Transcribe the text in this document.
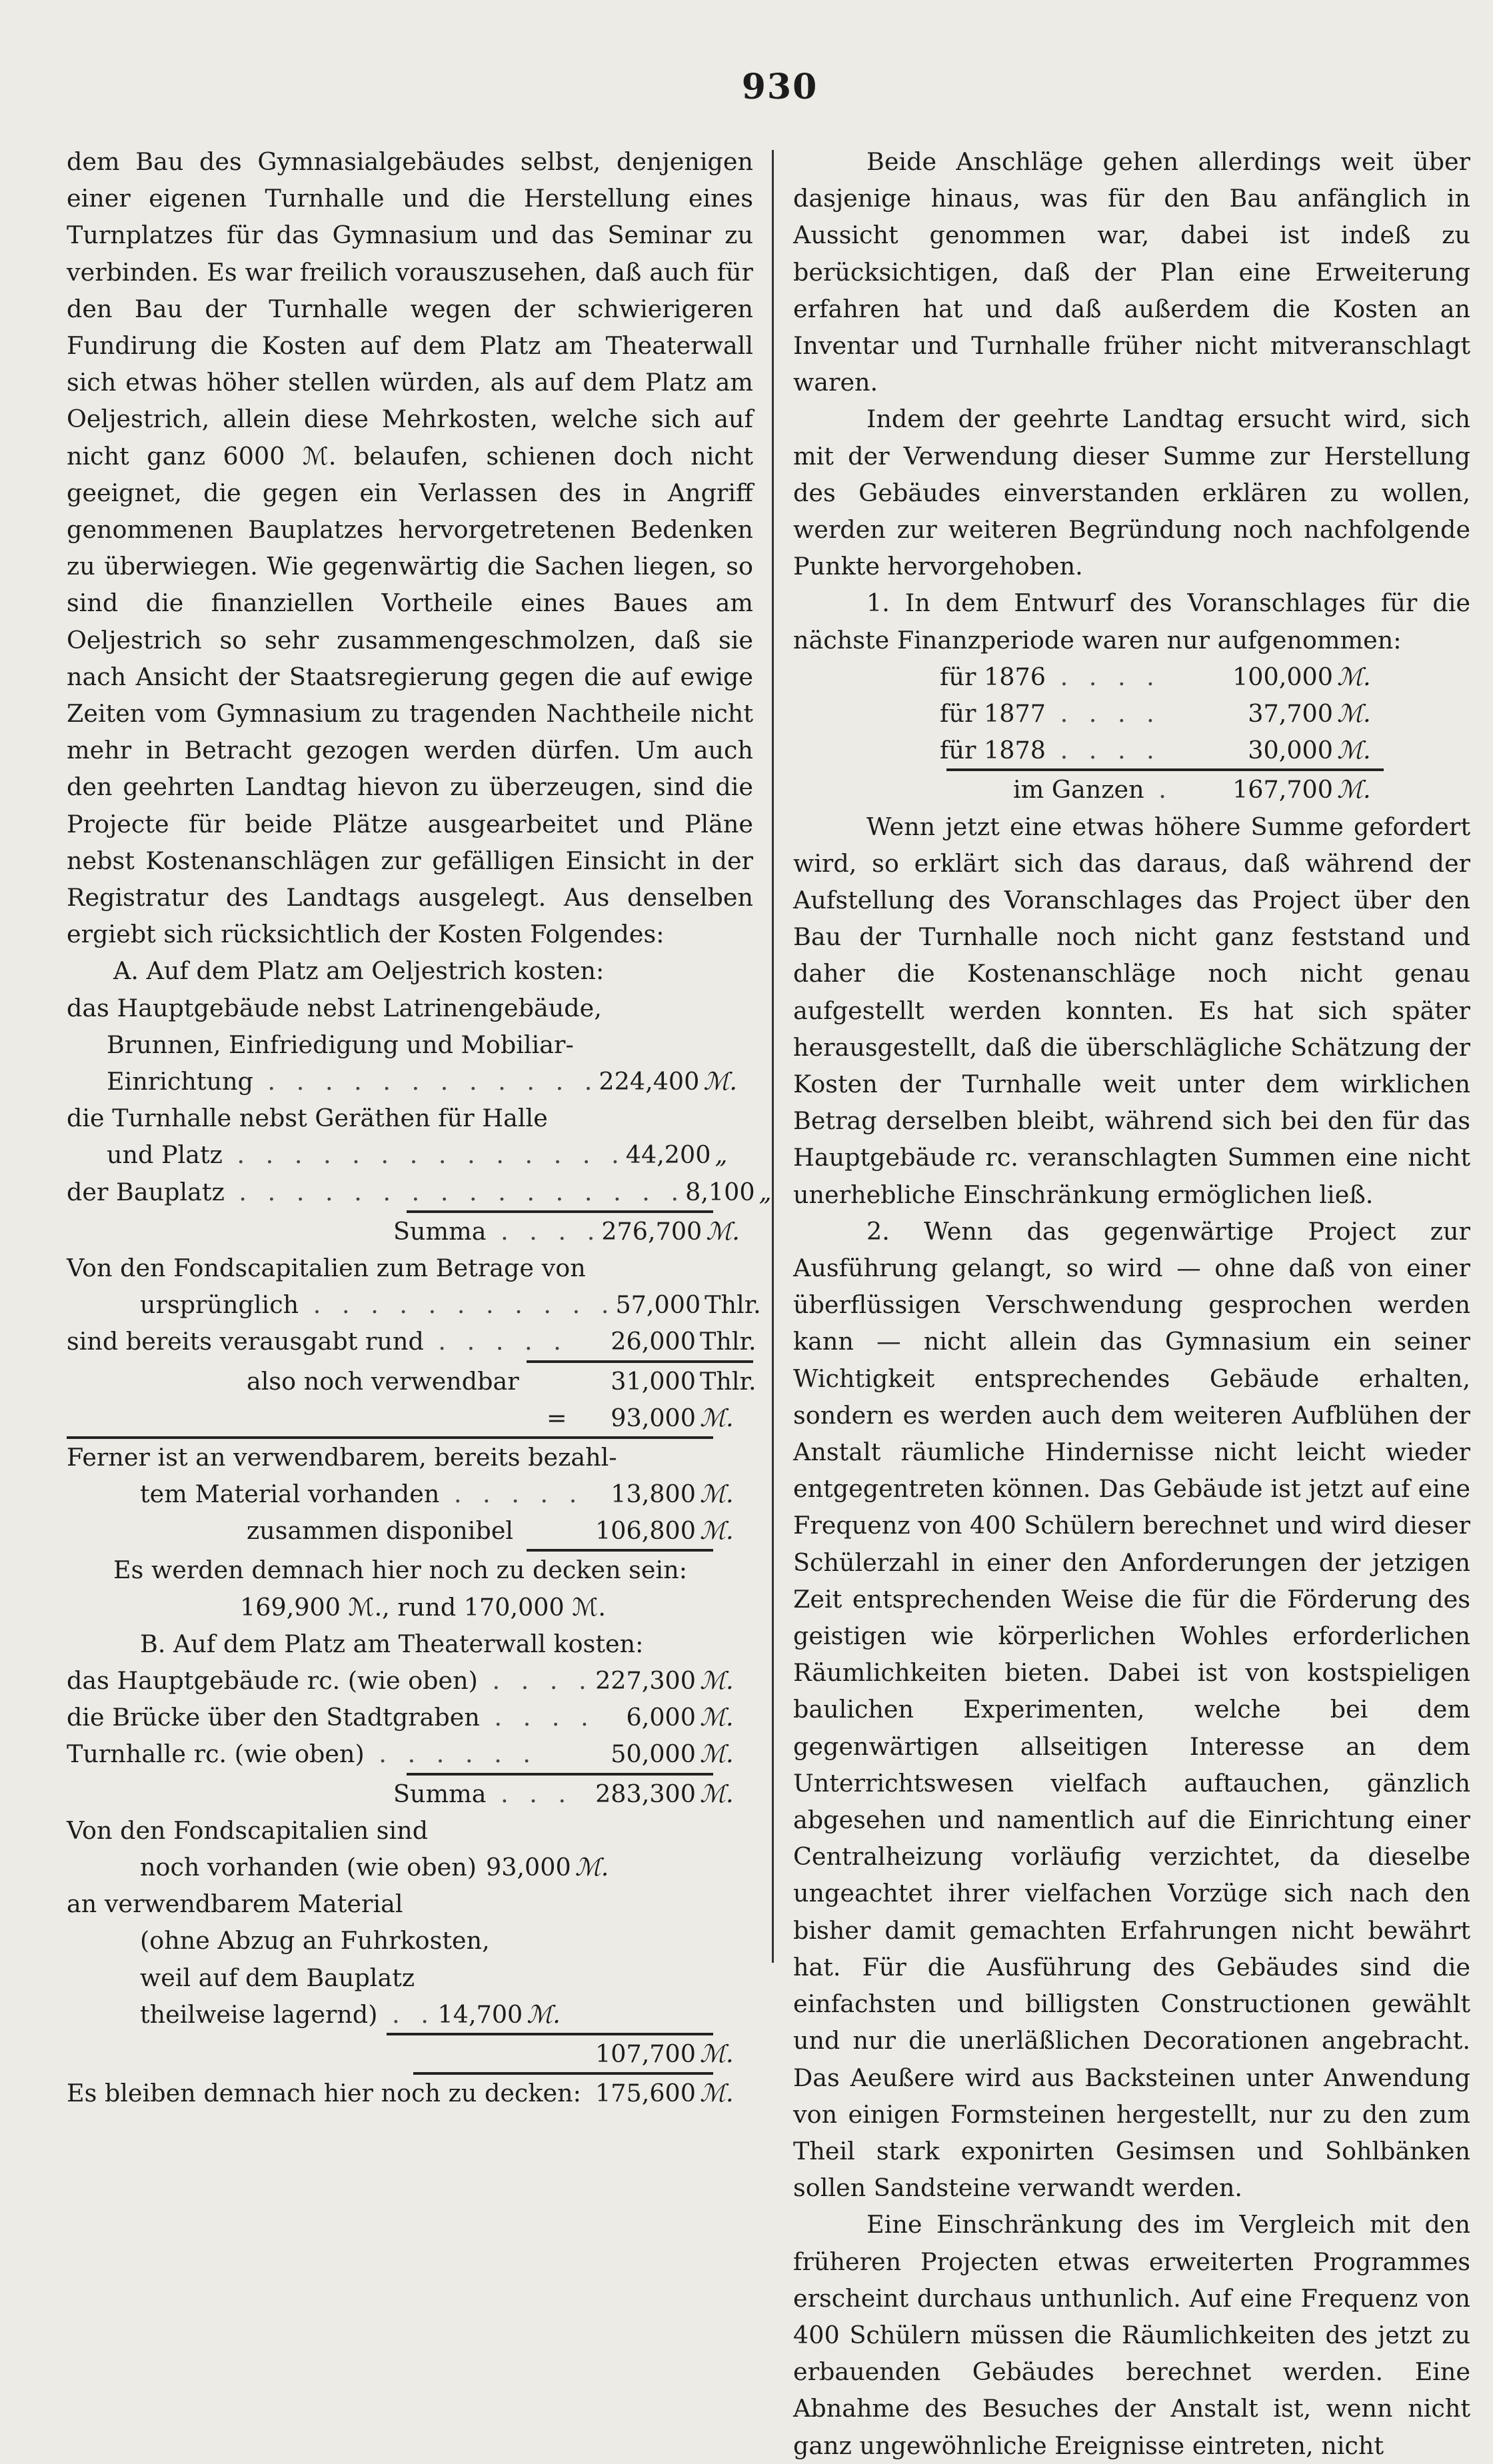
930

dem Bau des Gymnasialgebäudes selbst, denjenigen einer eigenen Turnhalle und die Herstellung eines Turnplatzes für das Gymnasium und das Seminar zu verbinden. Es war freilich vorauszusehen, daß auch für den Bau der Turnhalle wegen der schwierigeren Fundirung die Kosten auf dem Platz am Theaterwall sich etwas höher stellen würden, als auf dem Platz am Oeljestrich, allein diese Mehrkosten, welche sich auf nicht ganz 6000 ℳ. belaufen, schienen doch nicht geeignet, die gegen ein Verlassen des in Angriff genommenen Bauplatzes hervorgetretenen Bedenken zu überwiegen. Wie gegenwärtig die Sachen liegen, so sind die finanziellen Vortheile eines Baues am Oeljestrich so sehr zusammengeschmolzen, daß sie nach Ansicht der Staatsregierung gegen die auf ewige Zeiten vom Gymnasium zu tragenden Nachtheile nicht mehr in Betracht gezogen werden dürfen. Um auch den geehrten Landtag hievon zu überzeugen, sind die Projecte für beide Plätze ausgearbeitet und Pläne nebst Kostenanschlägen zur gefälligen Einsicht in der Registratur des Landtags ausgelegt. Aus denselben ergiebt sich rücksichtlich der Kosten Folgendes:

A. Auf dem Platz am Oeljestrich kosten:
das Hauptgebäude nebst Latrinengebäude,
Brunnen, Einfriedigung und Mobiliar-
Einrichtung . . . . . . . . . . . . 224,400 ℳ.
die Turnhalle nebst Geräthen für Halle
und Platz . . . . . . . . . . . . . . 44,200 „
der Bauplatz . . . . . . . . . . . . . . . . 8,100 „
Summa . . . . 276,700 ℳ.
Von den Fondscapitalien zum Betrage von
ursprünglich . . . . . . . . . . . 57,000 Thlr.
sind bereits verausgabt rund . . . . .	26,000 Thlr.
also noch verwendbar	31,000 Thlr.
=	93,000 ℳ.
Ferner ist an verwendbarem, bereits bezahl-
tem Material vorhanden . . . . .	13,800 ℳ.
zusammen disponibel	106,800 ℳ.
Es werden demnach hier noch zu decken sein:
169,900 ℳ., rund 170,000 ℳ.
B. Auf dem Platz am Theaterwall kosten:
das Hauptgebäude rc. (wie oben) . . . . 227,300 ℳ.
die Brücke über den Stadtgraben . . . .	6,000 ℳ.
Turnhalle rc. (wie oben) . . . . . .	50,000 ℳ.
Summa . . . 283,300 ℳ.
Von den Fondscapitalien sind
noch vorhanden (wie oben) 93,000 ℳ.
an verwendbarem Material
(ohne Abzug an Fuhrkosten,
weil auf dem Bauplatz
theilweise lagernd) . . 14,700 ℳ.
107,700 ℳ.
Es bleiben demnach hier noch zu decken: 175,600 ℳ.

Beide Anschläge gehen allerdings weit über dasjenige hinaus, was für den Bau anfänglich in Aussicht genommen war, dabei ist indeß zu berücksichtigen, daß der Plan eine Erweiterung erfahren hat und daß außerdem die Kosten an Inventar und Turnhalle früher nicht mitveranschlagt waren.

Indem der geehrte Landtag ersucht wird, sich mit der Verwendung dieser Summe zur Herstellung des Gebäudes einverstanden erklären zu wollen, werden zur weiteren Begründung noch nachfolgende Punkte hervorgehoben.

1. In dem Entwurf des Voranschlages für die nächste Finanzperiode waren nur aufgenommen:

für 1876 . . . .	100,000 ℳ.
für 1877 . . . .	37,700 ℳ.
für 1878 . . . .	30,000 ℳ.
im Ganzen .	167,700 ℳ.

Wenn jetzt eine etwas höhere Summe gefordert wird, so erklärt sich das daraus, daß während der Aufstellung des Voranschlages das Project über den Bau der Turnhalle noch nicht ganz feststand und daher die Kostenanschläge noch nicht genau aufgestellt werden konnten. Es hat sich später herausgestellt, daß die überschlägliche Schätzung der Kosten der Turnhalle weit unter dem wirklichen Betrag derselben bleibt, während sich bei den für das Hauptgebäude rc. veranschlagten Summen eine nicht unerhebliche Einschränkung ermöglichen ließ.

2. Wenn das gegenwärtige Project zur Ausführung gelangt, so wird — ohne daß von einer überflüssigen Verschwendung gesprochen werden kann — nicht allein das Gymnasium ein seiner Wichtigkeit entsprechendes Gebäude erhalten, sondern es werden auch dem weiteren Aufblühen der Anstalt räumliche Hindernisse nicht leicht wieder entgegentreten können. Das Gebäude ist jetzt auf eine Frequenz von 400 Schülern berechnet und wird dieser Schülerzahl in einer den Anforderungen der jetzigen Zeit entsprechenden Weise die für die Förderung des geistigen wie körperlichen Wohles erforderlichen Räumlichkeiten bieten. Dabei ist von kostspieligen baulichen Experimenten, welche bei dem gegenwärtigen allseitigen Interesse an dem Unterrichtswesen vielfach auftauchen, gänzlich abgesehen und namentlich auf die Einrichtung einer Centralheizung vorläufig verzichtet, da dieselbe ungeachtet ihrer vielfachen Vorzüge sich nach den bisher damit gemachten Erfahrungen nicht bewährt hat. Für die Ausführung des Gebäudes sind die einfachsten und billigsten Constructionen gewählt und nur die unerläßlichen Decorationen angebracht. Das Aeußere wird aus Backsteinen unter Anwendung von einigen Formsteinen hergestellt, nur zu den zum Theil stark exponirten Gesimsen und Sohlbänken sollen Sandsteine verwandt werden.

Eine Einschränkung des im Vergleich mit den früheren Projecten etwas erweiterten Programmes erscheint durchaus unthunlich. Auf eine Frequenz von 400 Schülern müssen die Räumlichkeiten des jetzt zu erbauenden Gebäudes berechnet werden. Eine Abnahme des Besuches der Anstalt ist, wenn nicht ganz ungewöhnliche Ereignisse eintreten, nicht
